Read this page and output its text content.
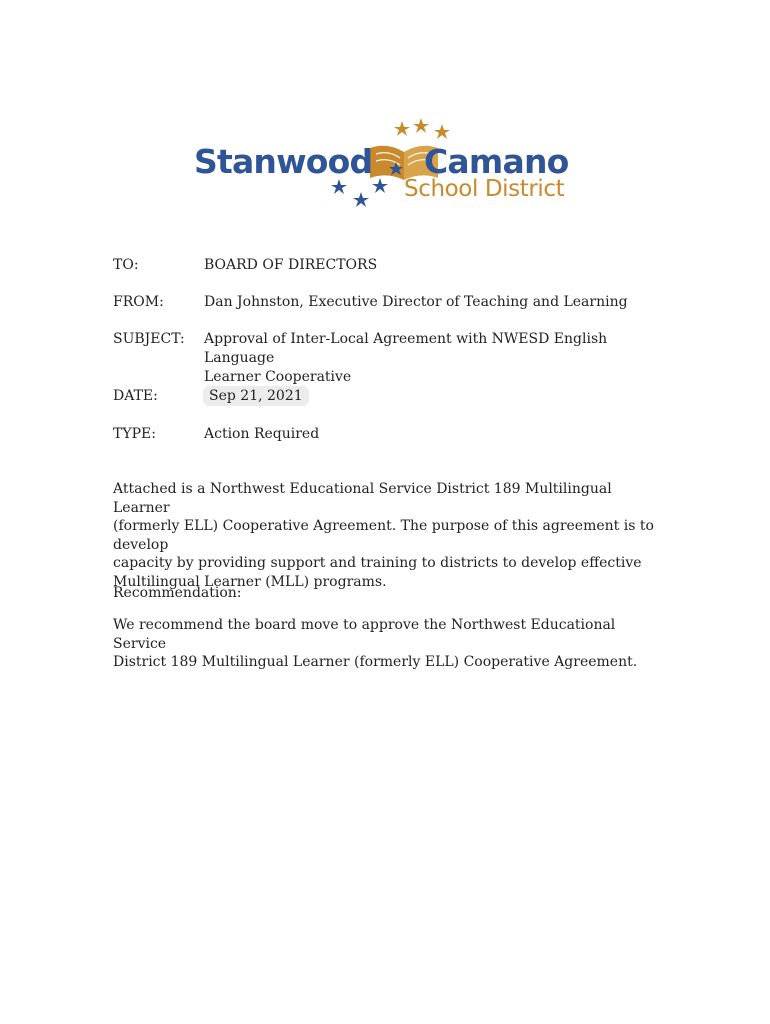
Stanwood Camano
School District
TO:	BOARD OF DIRECTORS
FROM:	Dan Johnston, Executive Director of Teaching and Learning
SUBJECT:	Approval of Inter-Local Agreement with NWESD English Language
Learner Cooperative
DATE:	Sep 21, 2021
TYPE:	Action Required
Attached is a Northwest Educational Service District 189 Multilingual Learner
(formerly ELL) Cooperative Agreement. The purpose of this agreement is to develop
capacity by providing support and training to districts to develop effective
Multilingual Learner (MLL) programs.
Recommendation:
We recommend the board move to approve the Northwest Educational Service
District 189 Multilingual Learner (formerly ELL) Cooperative Agreement.
